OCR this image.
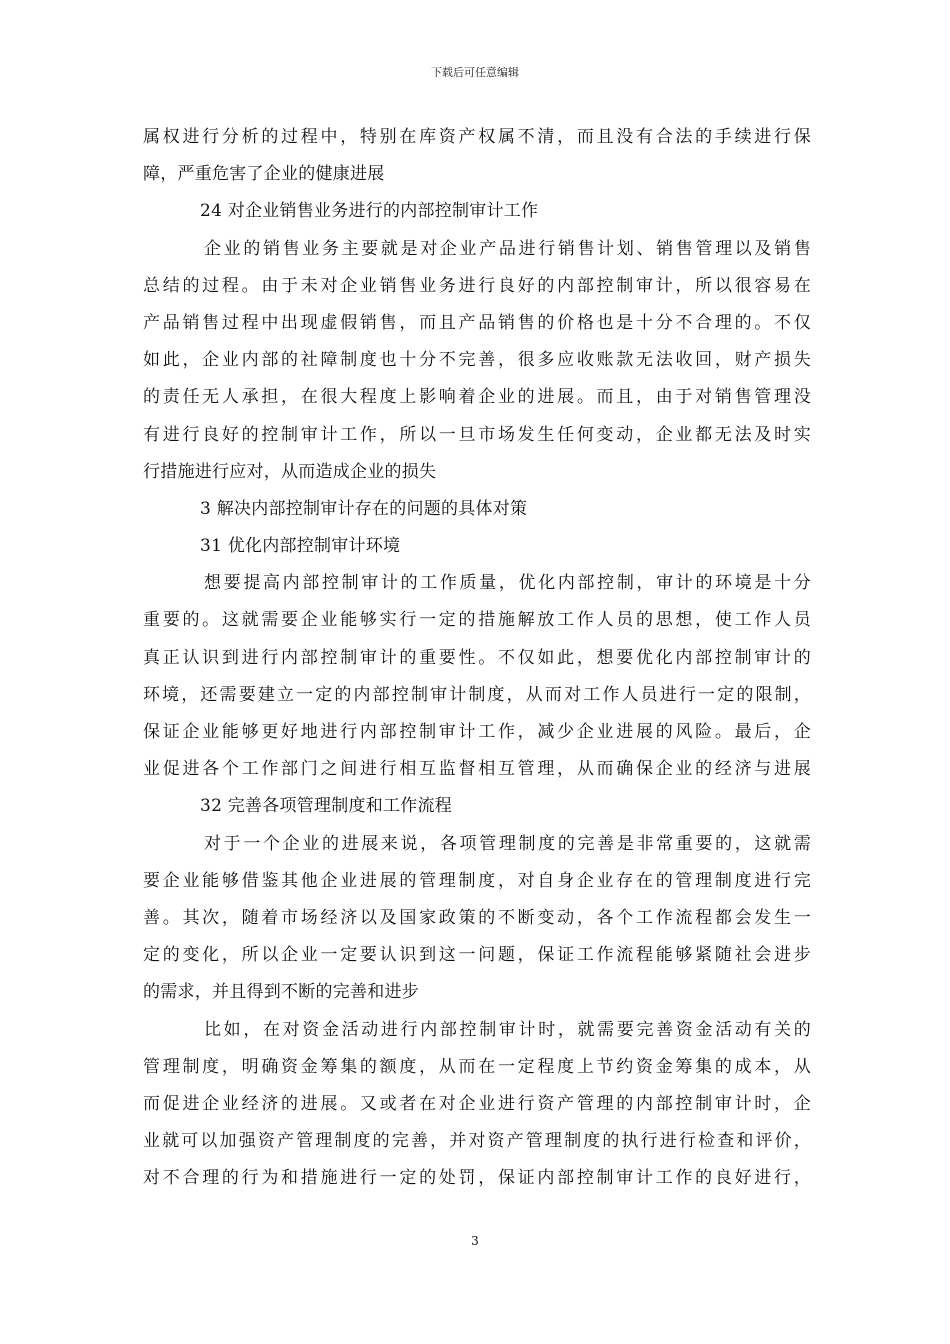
下载后可任意编辑
属权进行分析的过程中，特别在库资产权属不清，而且没有合法的手续进行保
障，严重危害了企业的健康进展
24 对企业销售业务进行的内部控制审计工作
企业的销售业务主要就是对企业产品进行销售计划、销售管理以及销售
总结的过程。由于未对企业销售业务进行良好的内部控制审计，所以很容易在
产品销售过程中出现虚假销售，而且产品销售的价格也是十分不合理的。不仅
如此，企业内部的社障制度也十分不完善，很多应收账款无法收回，财产损失
的责任无人承担，在很大程度上影响着企业的进展。而且，由于对销售管理没
有进行良好的控制审计工作，所以一旦市场发生任何变动，企业都无法及时实
行措施进行应对，从而造成企业的损失
3 解决内部控制审计存在的问题的具体对策
31 优化内部控制审计环境
想要提高内部控制审计的工作质量，优化内部控制，审计的环境是十分
重要的。这就需要企业能够实行一定的措施解放工作人员的思想，使工作人员
真正认识到进行内部控制审计的重要性。不仅如此，想要优化内部控制审计的
环境，还需要建立一定的内部控制审计制度，从而对工作人员进行一定的限制，
保证企业能够更好地进行内部控制审计工作，减少企业进展的风险。最后，企
业促进各个工作部门之间进行相互监督相互管理，从而确保企业的经济与进展
32 完善各项管理制度和工作流程
对于一个企业的进展来说，各项管理制度的完善是非常重要的，这就需
要企业能够借鉴其他企业进展的管理制度，对自身企业存在的管理制度进行完
善。其次，随着市场经济以及国家政策的不断变动，各个工作流程都会发生一
定的变化，所以企业一定要认识到这一问题，保证工作流程能够紧随社会进步
的需求，并且得到不断的完善和进步
比如，在对资金活动进行内部控制审计时，就需要完善资金活动有关的
管理制度，明确资金筹集的额度，从而在一定程度上节约资金筹集的成本，从
而促进企业经济的进展。又或者在对企业进行资产管理的内部控制审计时，企
业就可以加强资产管理制度的完善，并对资产管理制度的执行进行检查和评价，
对不合理的行为和措施进行一定的处罚，保证内部控制审计工作的良好进行，
3
